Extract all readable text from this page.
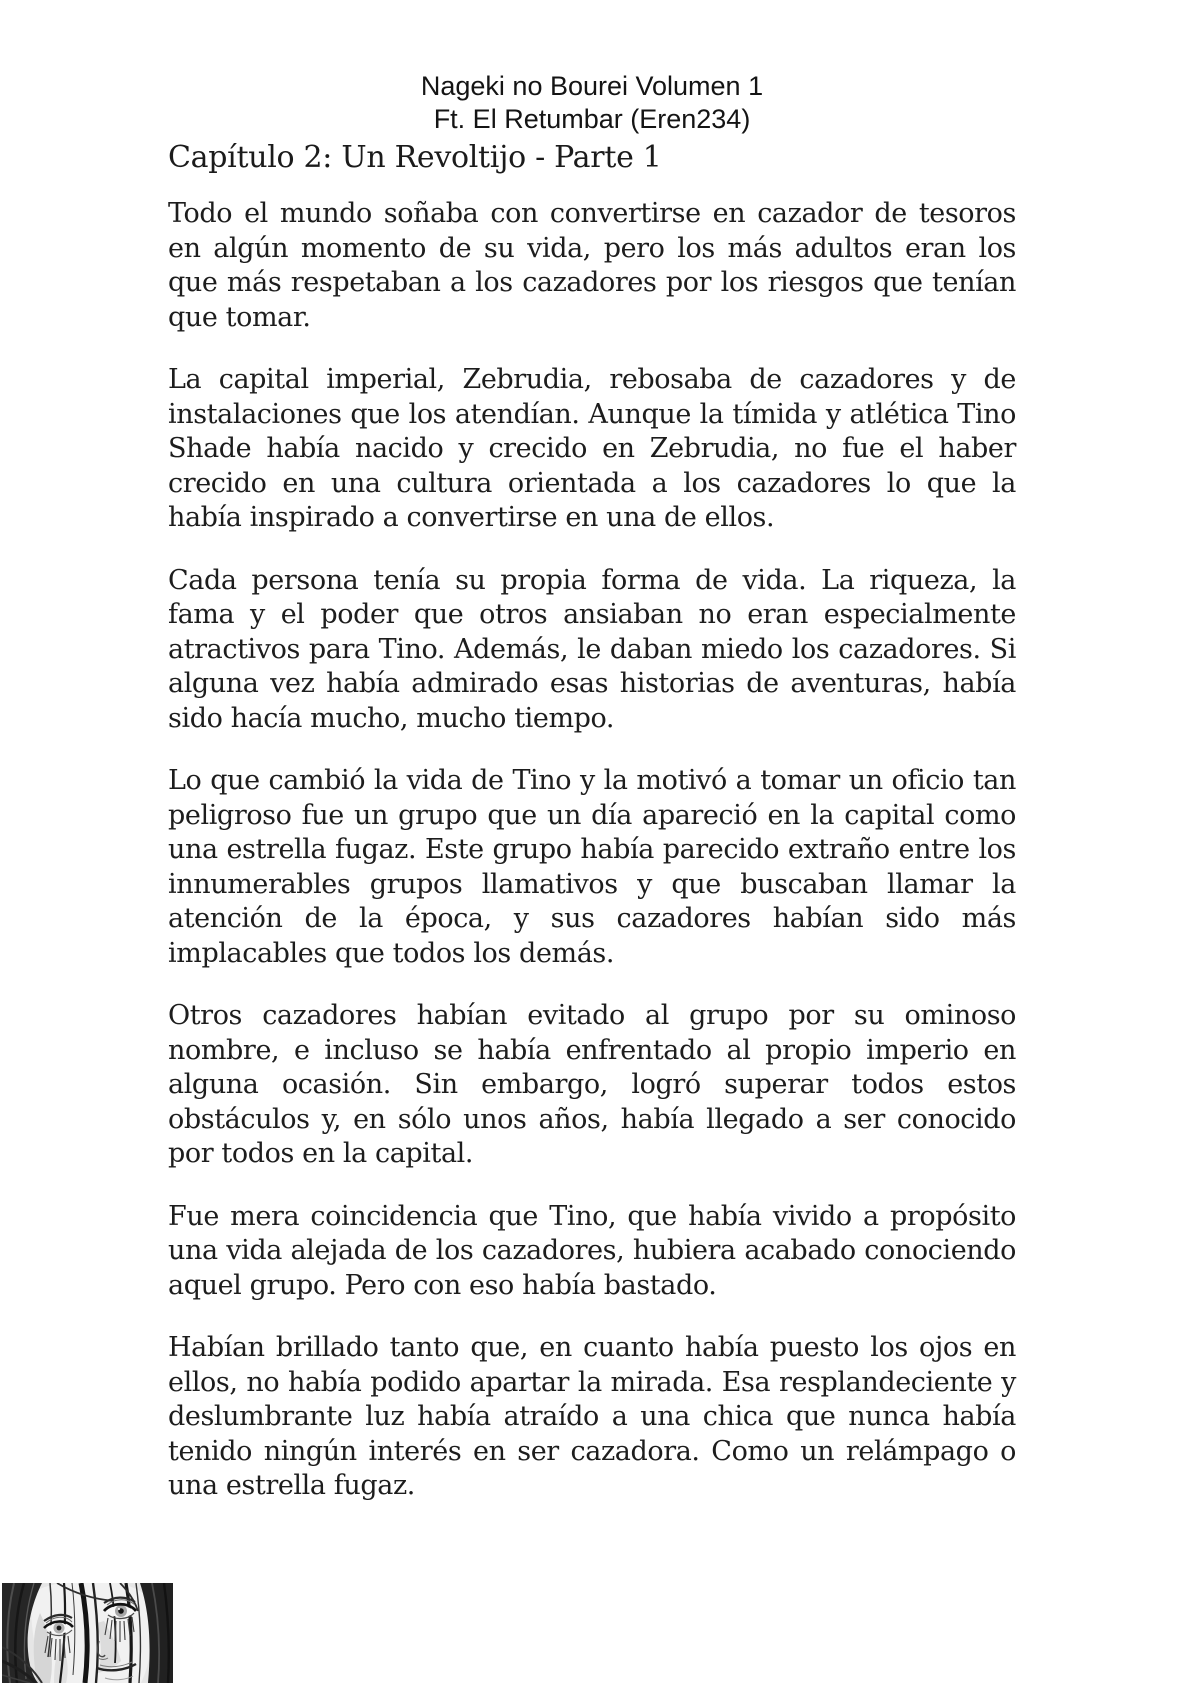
Nageki no Bourei Volumen 1
Ft. El Retumbar (Eren234)
Capítulo 2: Un Revoltijo - Parte 1

Todo el mundo soñaba con convertirse en cazador de tesoros en algún momento de su vida, pero los más adultos eran los que más respetaban a los cazadores por los riesgos que tenían que tomar.

La capital imperial, Zebrudia, rebosaba de cazadores y de instalaciones que los atendían. Aunque la tímida y atlética Tino Shade había nacido y crecido en Zebrudia, no fue el haber crecido en una cultura orientada a los cazadores lo que la había inspirado a convertirse en una de ellos.

Cada persona tenía su propia forma de vida. La riqueza, la fama y el poder que otros ansiaban no eran especialmente atractivos para Tino. Además, le daban miedo los cazadores. Si alguna vez había admirado esas historias de aventuras, había sido hacía mucho, mucho tiempo.

Lo que cambió la vida de Tino y la motivó a tomar un oficio tan peligroso fue un grupo que un día apareció en la capital como una estrella fugaz. Este grupo había parecido extraño entre los innumerables grupos llamativos y que buscaban llamar la atención de la época, y sus cazadores habían sido más implacables que todos los demás.

Otros cazadores habían evitado al grupo por su ominoso nombre, e incluso se había enfrentado al propio imperio en alguna ocasión. Sin embargo, logró superar todos estos obstáculos y, en sólo unos años, había llegado a ser conocido por todos en la capital.

Fue mera coincidencia que Tino, que había vivido a propósito una vida alejada de los cazadores, hubiera acabado conociendo aquel grupo. Pero con eso había bastado.

Habían brillado tanto que, en cuanto había puesto los ojos en ellos, no había podido apartar la mirada. Esa resplandeciente y deslumbrante luz había atraído a una chica que nunca había tenido ningún interés en ser cazadora. Como un relámpago o una estrella fugaz.
